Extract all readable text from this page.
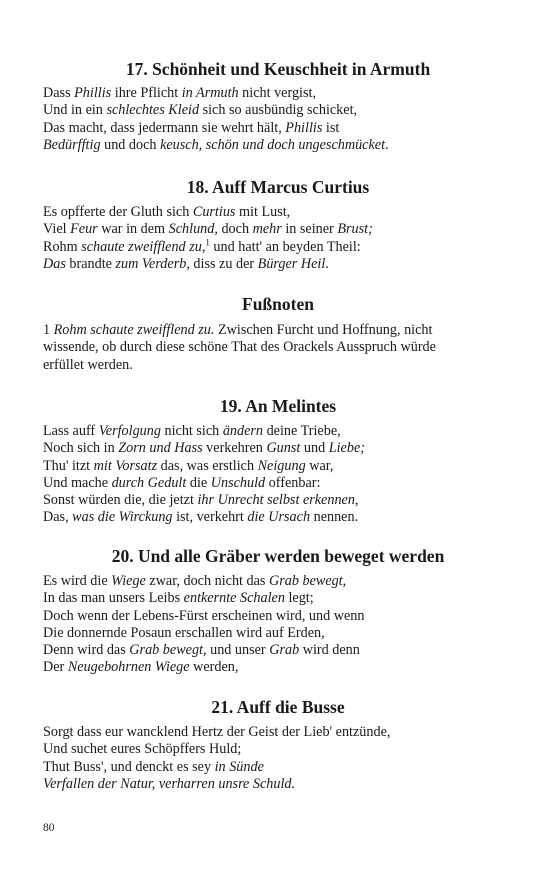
17. Schönheit und Keuschheit in Armuth
Dass Phillis ihre Pflicht in Armuth nicht vergist,
Und in ein schlechtes Kleid sich so ausbündig schicket,
Das macht, dass jedermann sie wehrt hält, Phillis ist
Bedürfftig und doch keusch, schön und doch ungeschmücket.
18. Auff Marcus Curtius
Es opfferte der Gluth sich Curtius mit Lust,
Viel Feur war in dem Schlund, doch mehr in seiner Brust;
Rohm schaute zweifflend zu,$^1$ und hatt' an beyden Theil:
Das brandte zum Verderb, diss zu der Bürger Heil.
Fußnoten
1 Rohm schaute zweifflend zu. Zwischen Furcht und Hoffnung, nicht
wissende, ob durch diese schöne That des Orackels Ausspruch würde
erfüllet werden.
19. An Melintes
Lass auff Verfolgung nicht sich ändern deine Triebe,
Noch sich in Zorn und Hass verkehren Gunst und Liebe;
Thu' itzt mit Vorsatz das, was erstlich Neigung war,
Und mache durch Gedult die Unschuld offenbar:
Sonst würden die, die jetzt ihr Unrecht selbst erkennen,
Das, was die Wirckung ist, verkehrt die Ursach nennen.
20. Und alle Gräber werden beweget werden
Es wird die Wiege zwar, doch nicht das Grab bewegt,
In das man unsers Leibs entkernte Schalen legt;
Doch wenn der Lebens-Fürst erscheinen wird, und wenn
Die donnernde Posaun erschallen wird auf Erden,
Denn wird das Grab bewegt, und unser Grab wird denn
Der Neugebohrnen Wiege werden,
21. Auff die Busse
Sorgt dass eur wancklend Hertz der Geist der Lieb' entzünde,
Und suchet eures Schöpffers Huld;
Thut Buss', und denckt es sey in Sünde
Verfallen der Natur, verharren unsre Schuld.
80
